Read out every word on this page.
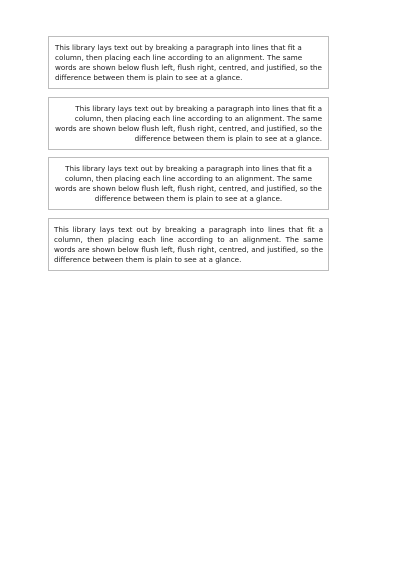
This library lays text out by breaking a paragraph into lines that fit a column, then placing each line according to an alignment. The same words are shown below flush left, flush right, centred, and justified, so the difference between them is plain to see at a glance.

This library lays text out by breaking a paragraph into lines that fit a column, then placing each line according to an alignment. The same words are shown below flush left, flush right, centred, and justified, so the difference between them is plain to see at a glance.

This library lays text out by breaking a paragraph into lines that fit a column, then placing each line according to an alignment. The same words are shown below flush left, flush right, centred, and justified, so the difference between them is plain to see at a glance.

This library lays text out by breaking a paragraph into lines that fit a column, then placing each line according to an alignment. The same words are shown below flush left, flush right, centred, and justified, so the difference between them is plain to see at a glance.
